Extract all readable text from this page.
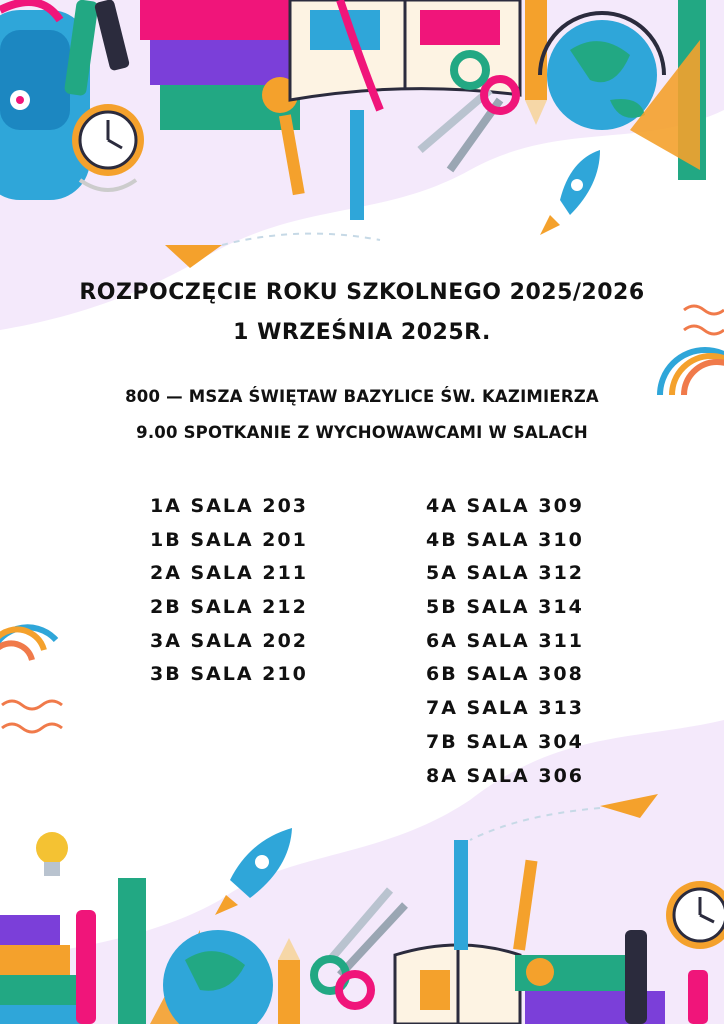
ROZPOCZĘCIE ROKU SZKOLNEGO 2025/2026
1 WRZEŚNIA 2025R.
800 — MSZA ŚWIĘTAW BAZYLICE ŚW. KAZIMIERZA
9.00 SPOTKANIE Z WYCHOWAWCAMI W SALACH
1A SALA 203
1B SALA 201
2A SALA 211
2B SALA 212
3A SALA 202
3B SALA 210
4A SALA 309
4B SALA 310
5A SALA 312
5B SALA 314
6A SALA 311
6B SALA 308
7A SALA 313
7B SALA 304
8A SALA 306
